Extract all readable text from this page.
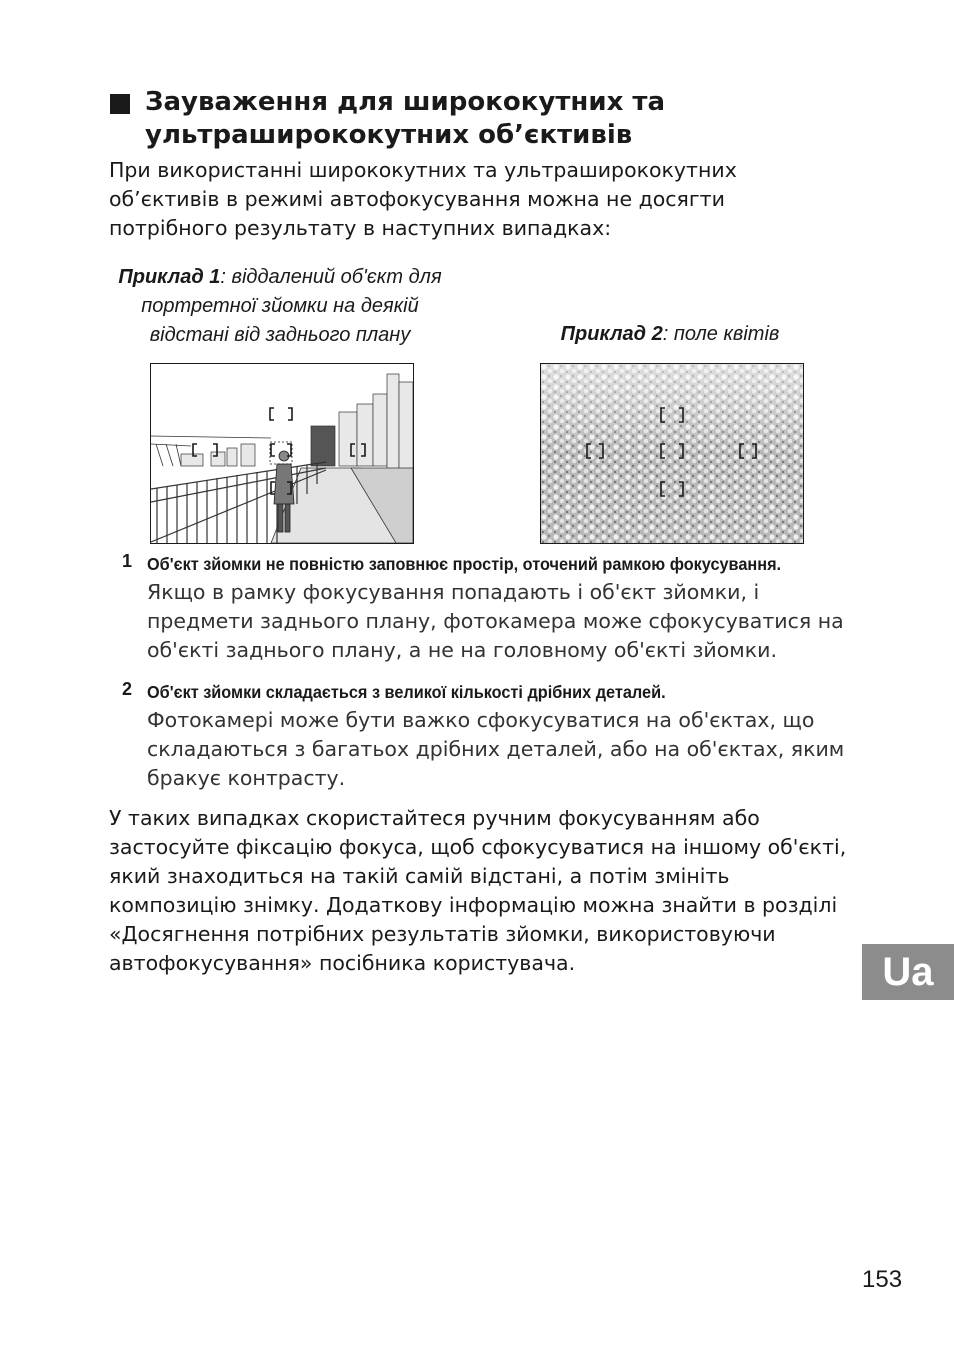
Зауваження для ширококутних та ультраширококутних об’єктивів

При використанні ширококутних та ультраширококутних об’єктивів в режимі автофокусування можна не досягти потрібного результату в наступних випадках:

Приклад 1: віддалений об'єкт для портретної зйомки на деякій відстані від заднього плану	Приклад 2: поле квітів
1 Об'єкт зйомки не повністю заповнює простір, оточений рамкою фокусування.

Якщо в рамку фокусування попадають і об'єкт зйомки, і предмети заднього плану, фотокамера може сфокусуватися на об'єкті заднього плану, а не на головному об'єкті зйомки.

2 Об'єкт зйомки складається з великої кількості дрібних деталей.

Фотокамері може бути важко сфокусуватися на об'єктах, що складаються з багатьох дрібних деталей, або на об'єктах, яким бракує контрасту.

У таких випадках скористайтеся ручним фокусуванням або застосуйте фіксацію фокуса, щоб сфокусуватися на іншому об'єкті, який знаходиться на такій самій відстані, а потім змініть композицію знімку. Додаткову інформацію можна знайти в розділі «Досягнення потрібних результатів зйомки, використовуючи автофокусування» посібника користувача.	Ua
153
